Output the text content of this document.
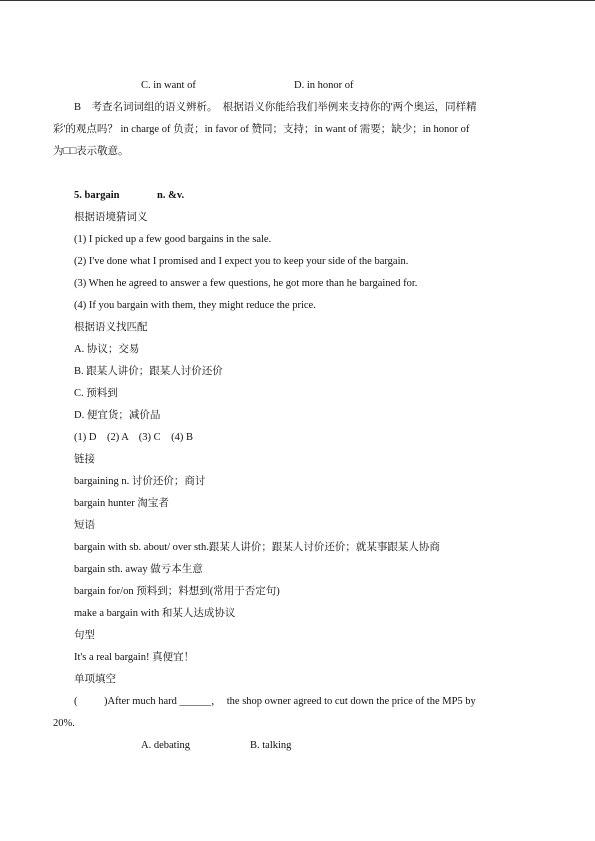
C. in want of	D. in honor of
B　考查名词词组的语义辨析。　根据语义你能给我们举例来支持你的'两个奥运，同样精
彩'的观点吗？ in charge of 负责；in favor of 赞同；支持；in want of 需要；缺少；in honor of
为□□表示敬意。
5. bargain	n. &v.
根据语境猜词义
(1) I picked up a few good bargains in the sale.
(2) I've done what I promised and I expect you to keep your side of the bargain.
(3) When he agreed to answer a few questions, he got more than he bargained for.
(4) If you bargain with them, they might reduce the price.
根据语义找匹配
A. 协议；交易
B. 跟某人讲价；跟某人讨价还价
C. 预料到
D. 便宜货；减价品
(1) D　(2) A　(3) C　(4) B
链接
bargaining n. 讨价还价；商讨
bargain hunter 淘宝者
短语
bargain with sb. about/ over sth.跟某人讲价；跟某人讨价还价；就某事跟某人协商
bargain sth. away 做亏本生意
bargain for/on 预料到；料想到(常用于否定句)
make a bargain with 和某人达成协议
句型
It's a real bargain! 真便宜！
单项填空
(	)After much hard ______，　the shop owner agreed to cut down the price of the MP5 by
20%.
A. debating	B. talking
